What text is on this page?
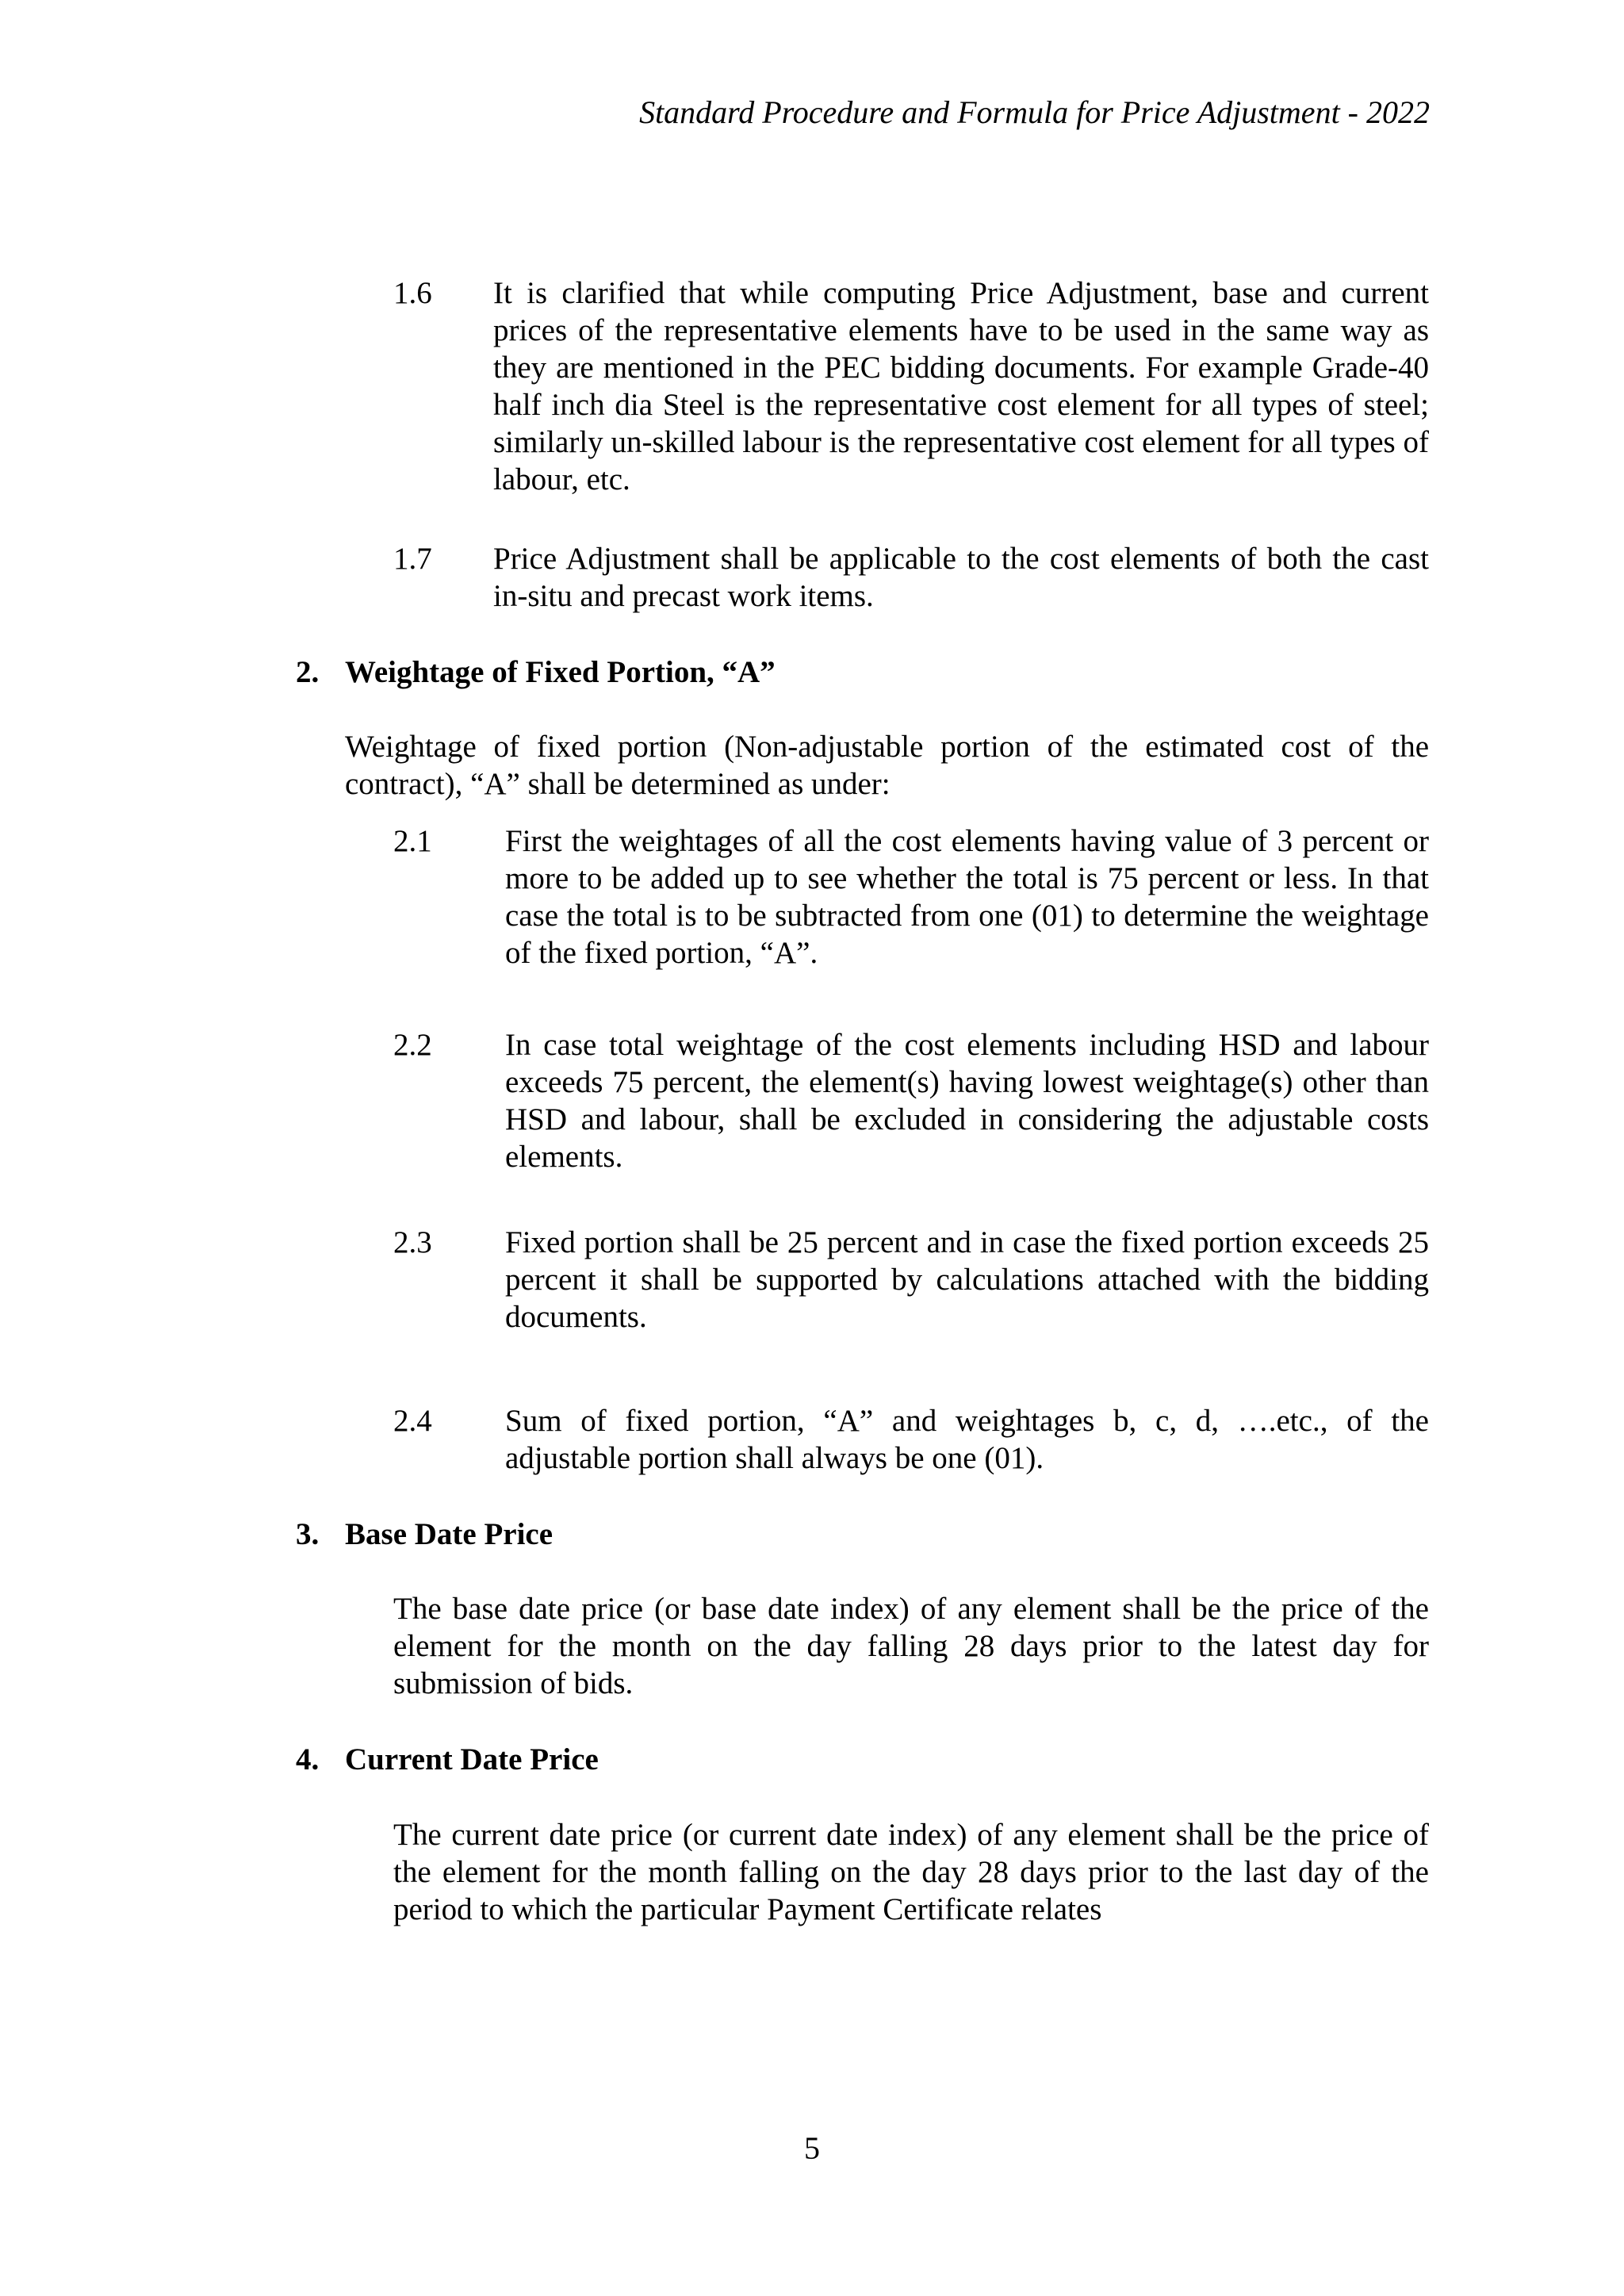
Standard Procedure and Formula for Price Adjustment - 2022
1.6 It is clarified that while computing Price Adjustment, base and current prices of the representative elements have to be used in the same way as they are mentioned in the PEC bidding documents. For example Grade-40 half inch dia Steel is the representative cost element for all types of steel; similarly un-skilled labour is the representative cost element for all types of labour, etc.
1.7 Price Adjustment shall be applicable to the cost elements of both the cast in-situ and precast work items.
2. Weightage of Fixed Portion, “A”
Weightage of fixed portion (Non-adjustable portion of the estimated cost of the contract), “A” shall be determined as under:
2.1 First the weightages of all the cost elements having value of 3 percent or more to be added up to see whether the total is 75 percent or less. In that case the total is to be subtracted from one (01) to determine the weightage of the fixed portion, “A”.
2.2 In case total weightage of the cost elements including HSD and labour exceeds 75 percent, the element(s) having lowest weightage(s) other than HSD and labour, shall be excluded in considering the adjustable costs elements.
2.3 Fixed portion shall be 25 percent and in case the fixed portion exceeds 25 percent it shall be supported by calculations attached with the bidding documents.
2.4 Sum of fixed portion, “A” and weightages b, c, d, ….etc., of the adjustable portion shall always be one (01).
3. Base Date Price
The base date price (or base date index) of any element shall be the price of the element for the month on the day falling 28 days prior to the latest day for submission of bids.
4. Current Date Price
The current date price (or current date index) of any element shall be the price of the element for the month falling on the day 28 days prior to the last day of the period to which the particular Payment Certificate relates
5
